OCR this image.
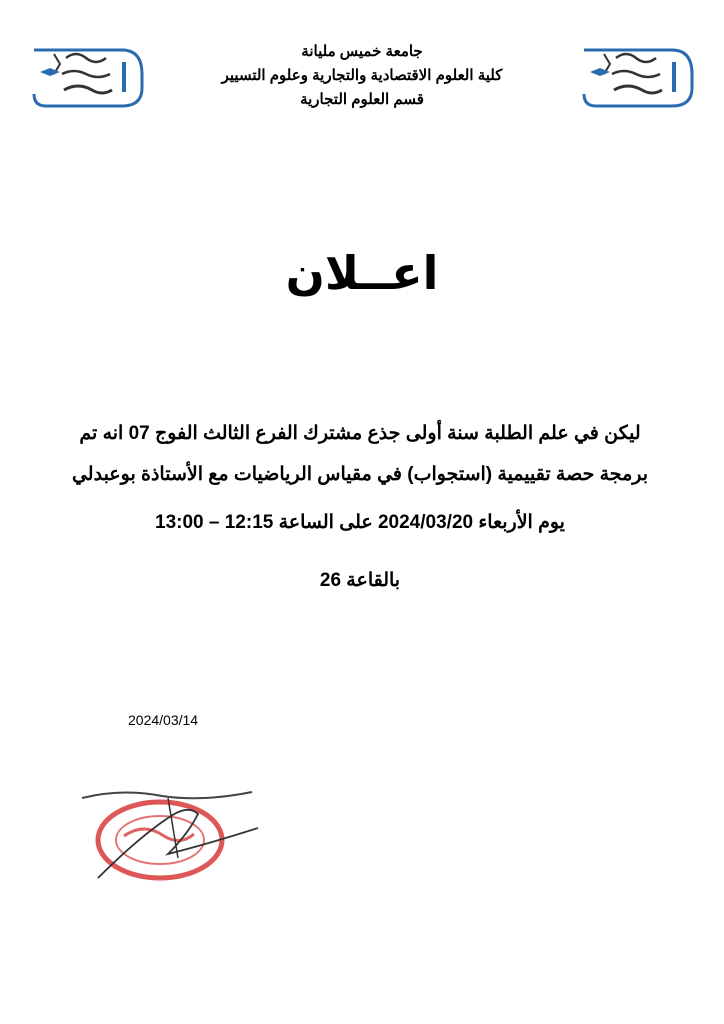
جامعة خميس مليانة
كلية العلوم الاقتصادية والتجارية وعلوم التسيير
قسم العلوم التجارية
اعــلان
ليكن في علم الطلبة سنة أولى جذع مشترك الفرع الثالث الفوج 07 انه تم
برمجة حصة تقييمية (استجواب) في مقياس الرياضيات مع الأستاذة بوعبدلي
يوم الأربعاء 2024/03/20 على الساعة 12:15 – 13:00
بالقاعة 26
2024/03/14
